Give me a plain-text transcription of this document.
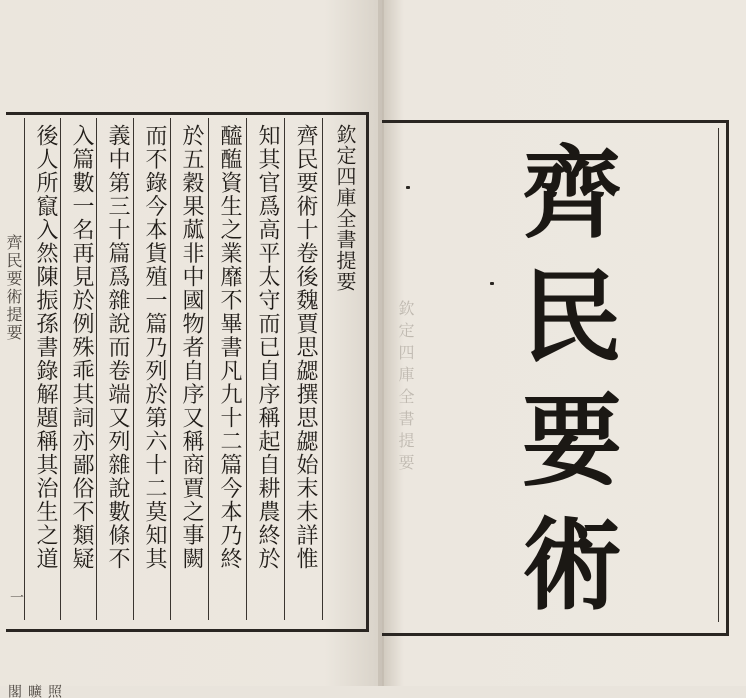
齊民要術提要
一
照曠閣
欽定四庫全書提要
齊民要術十卷後魏賈思勰撰思勰始末未詳惟
知其官爲高平太守而已自序稱起自耕農終於
醯醢資生之業靡不畢書凡九十二篇今本乃終
於五穀果蓏非中國物者自序又稱商賈之事闕
而不錄今本貨殖一篇乃列於第六十二莫知其
義中第三十篇爲雜說而卷端又列雜說數條不
入篇數一名再見於例殊乖其詞亦鄙俗不類疑
後人所竄入然陳振孫書錄解題稱其治生之道	欽定四庫全書提要 齊民要術
